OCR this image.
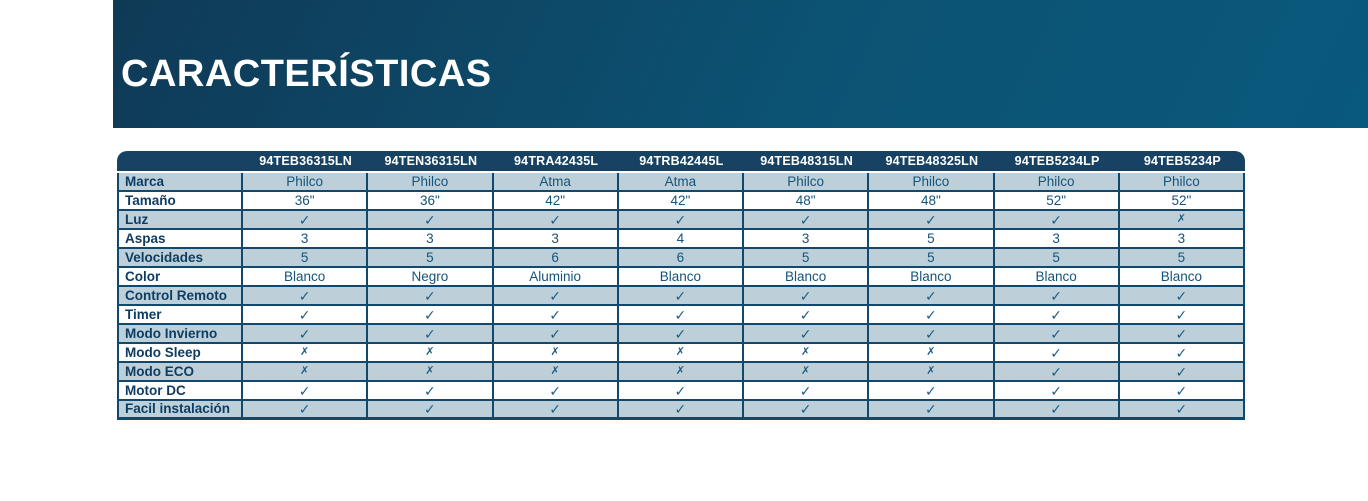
CARACTERÍSTICAS
	94TEB36315LN	94TEN36315LN	94TRA42435L	94TRB42445L	94TEB48315LN	94TEB48325LN	94TEB5234LP	94TEB5234P
Marca	Philco	Philco	Atma	Atma	Philco	Philco	Philco	Philco
Tamaño	36"	36"	42"	42"	48"	48"	52"	52"
Luz	✓	✓	✓	✓	✓	✓	✓	✗
Aspas	3	3	3	4	3	5	3	3
Velocidades	5	5	6	6	5	5	5	5
Color	Blanco	Negro	Aluminio	Blanco	Blanco	Blanco	Blanco	Blanco
Control Remoto	✓	✓	✓	✓	✓	✓	✓	✓
Timer	✓	✓	✓	✓	✓	✓	✓	✓
Modo Invierno	✓	✓	✓	✓	✓	✓	✓	✓
Modo Sleep	✗	✗	✗	✗	✗	✗	✓	✓
Modo ECO	✗	✗	✗	✗	✗	✗	✓	✓
Motor DC	✓	✓	✓	✓	✓	✓	✓	✓
Facil instalación	✓	✓	✓	✓	✓	✓	✓	✓
